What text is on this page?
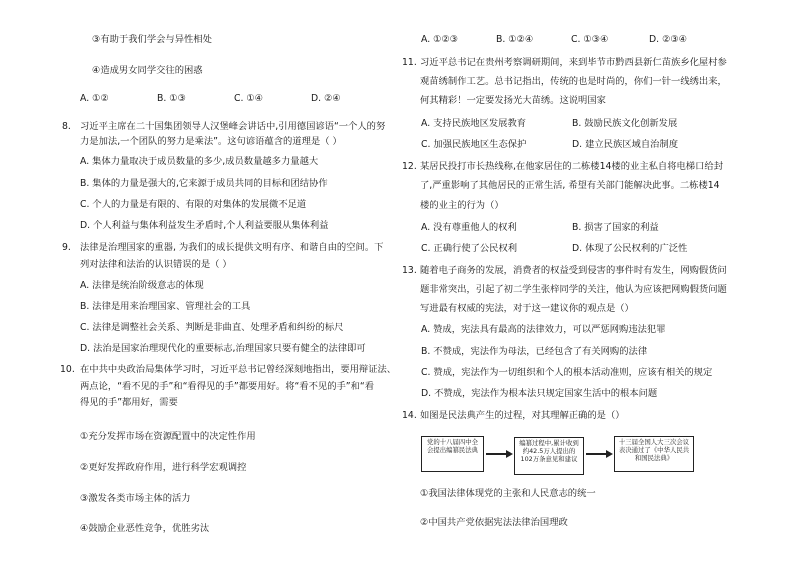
③有助于我们学会与异性相处
④造成男女同学交往的困惑
A. ①②	B. ①③	C. ①④	D. ②④
8. 习近平主席在二十国集团领导人汉堡峰会讲话中,引用德国谚语“一个人的努
力是加法,一个团队的努力是乘法”。这句谚语蕴含的道理是（ ）
A. 集体力量取决于成员数量的多少,成员数量越多力量越大
B. 集体的力量是强大的,它来源于成员共同的目标和团结协作
C. 个人的力量是有限的、有限的对集体的发展微不足道
D. 个人利益与集体利益发生矛盾时,个人利益要服从集体利益
9. 法律是治理国家的重器, 为我们的成长提供文明有序、和谐自由的空间。下
列对法律和法治的认识错误的是（ ）
A. 法律是统治阶级意志的体现
B. 法律是用来治理国家、管理社会的工具
C. 法律是调整社会关系、判断是非曲直、处理矛盾和纠纷的标尺
D. 法治是国家治理现代化的重要标志,治理国家只要有健全的法律即可
10. 在中共中央政治局集体学习时，习近平总书记曾经深刻地指出，要用辩证法、
两点论，“看不见的手”和“看得见的手”都要用好。将“看不见的手”和“看
得见的手”都用好，需要
①充分发挥市场在资源配置中的决定性作用
②更好发挥政府作用，进行科学宏观调控
③激发各类市场主体的活力
④鼓励企业恶性竞争，优胜劣汰
A. ①②③	B. ①②④	C. ①③④	D. ②③④
11. 习近平总书记在贵州考察调研期间，来到毕节市黔西县新仁苗族乡化屋村参
观苗绣制作工艺。总书记指出，传统的也是时尚的，你们一针一线绣出来，
何其精彩！一定要发扬光大苗绣。这说明国家
A. 支持民族地区发展教育	B. 鼓励民族文化创新发展
C. 加强民族地区生态保护	D. 建立民族区域自治制度
12. 某居民投打市长热线称,在他家居住的二栋楼14楼的业主私自将电梯口给封
了,严重影响了其他居民的正常生活, 希望有关部门能解决此事。二栋楼14
楼的业主的行为（）
A. 没有尊重他人的权利	B. 损害了国家的利益
C. 正确行使了公民权利	D. 体现了公民权利的广泛性
13. 随着电子商务的发展，消费者的权益受到侵害的事件时有发生，网购假货问
题非常突出，引起了初二学生张梓同学的关注，他认为应该把网购假货问题
写进最有权威的宪法，对于这一建议你的观点是（）
A. 赞成，宪法具有最高的法律效力，可以严惩网购违法犯罪
B. 不赞成，宪法作为母法，已经包含了有关网购的法律
C. 赞成，宪法作为一切组织和个人的根本活动准则，应该有相关的规定
D. 不赞成，宪法作为根本法只规定国家生活中的根本问题
14. 如图是民法典产生的过程，对其理解正确的是（）
党的十八届四中全会提出编纂民法典
编纂过程中,累计收到约42.5万人提出的102万条意见和建议
十三届全国人大三次会议表决通过了《中华人民共和国民法典》
①我国法律体现党的主张和人民意志的统一
②中国共产党依据宪法法律治国理政
